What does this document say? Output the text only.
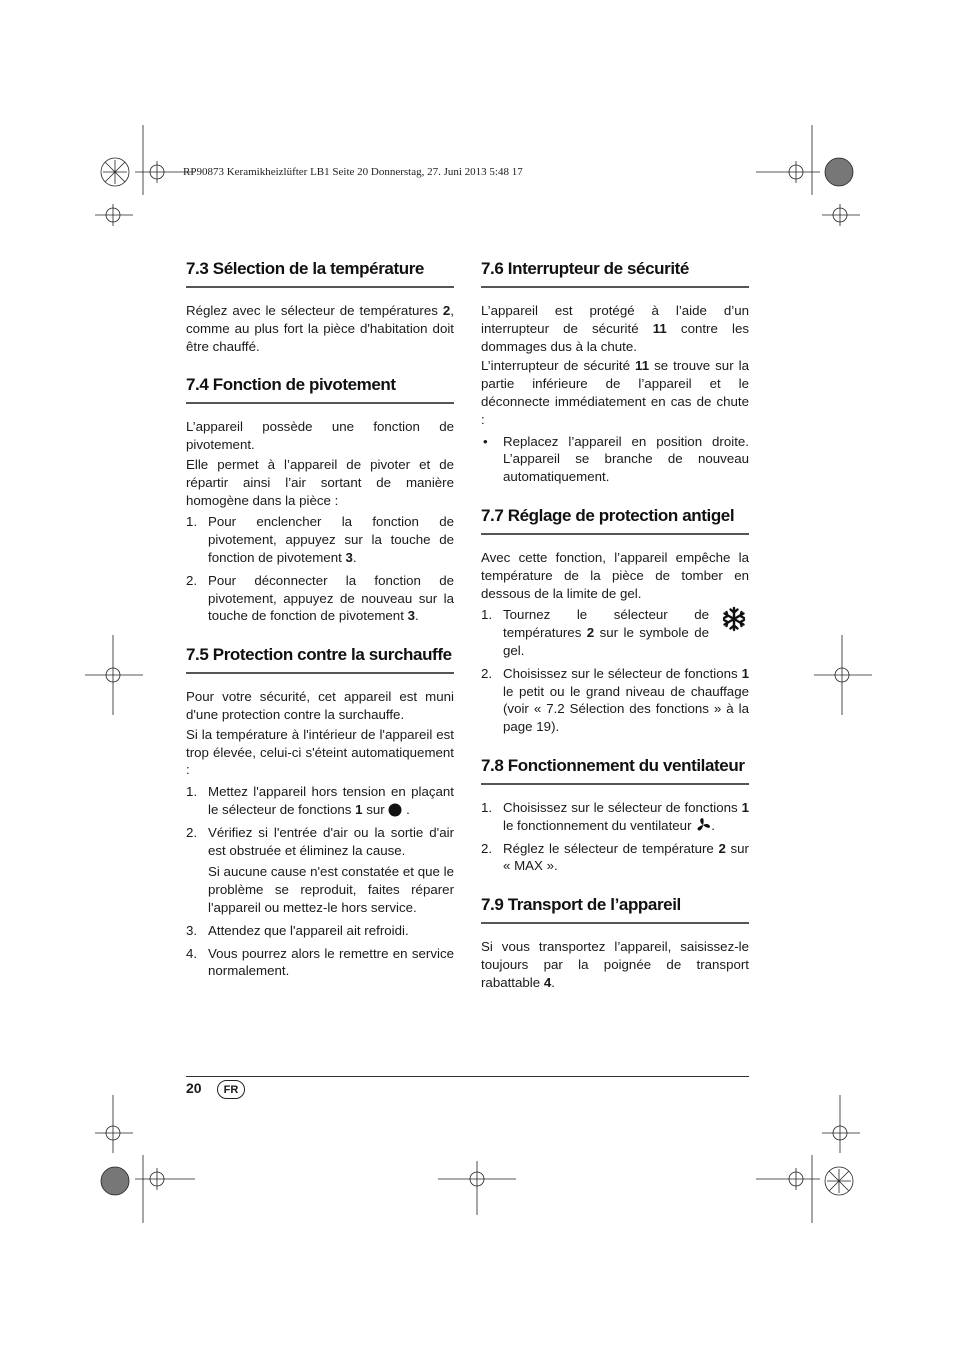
RP90873 Keramikheizlüfter LB1 Seite 20 Donnerstag, 27. Juni 2013 5:48 17
7.3 Sélection de la température

Réglez avec le sélecteur de températures 2, comme au plus fort la pièce d'habitation doit être chauffé.

7.4 Fonction de pivotement

L’appareil possède une fonction de pivotement.

Elle permet à l’appareil de pivoter et de répartir ainsi l’air sortant de manière homogène dans la pièce :

1. Pour enclencher la fonction de pivotement, appuyez sur la touche de fonction de pivotement 3.
2. Pour déconnecter la fonction de pivotement, appuyez de nouveau sur la touche de fonction de pivotement 3.
7.5 Protection contre la surchauffe

Pour votre sécurité, cet appareil est muni d'une protection contre la surchauffe.

Si la température à l'intérieur de l'appareil est trop élevée, celui-ci s'éteint automatiquement :

1. Mettez l'appareil hors tension en plaçant le sélecteur de fonctions 1 sur .
2. Vérifiez si l'entrée d'air ou la sortie d'air est obstruée et éliminez la cause.
Si aucune cause n'est constatée et que le problème se reproduit, faites réparer l'appareil ou mettez-le hors service.
3. Attendez que l'appareil ait refroidi.
4. Vous pourrez alors le remettre en service normalement.
7.6 Interrupteur de sécurité

L’appareil est protégé à l’aide d’un interrupteur de sécurité 11 contre les dommages dus à la chute.

L’interrupteur de sécurité 11 se trouve sur la partie inférieure de l’appareil et le déconnecte immédiatement en cas de chute :

• Replacez l’appareil en position droite. L’appareil se branche de nouveau automatiquement.
7.7 Réglage de protection antigel

Avec cette fonction, l’appareil empêche la température de la pièce de tomber en dessous de la limite de gel.

1. Tournez le sélecteur de températures 2 sur le symbole de gel.
2. Choisissez sur le sélecteur de fonctions 1 le petit ou le grand niveau de chauffage (voir « 7.2 Sélection des fonctions » à la page 19).
7.8 Fonctionnement du ventilateur
1. Choisissez sur le sélecteur de fonctions 1 le fonctionnement du ventilateur .
2. Réglez le sélecteur de température 2 sur « MAX ».
7.9 Transport de l’appareil

Si vous transportez l’appareil, saisissez-le toujours par la poignée de transport rabattable 4.

20	FR
